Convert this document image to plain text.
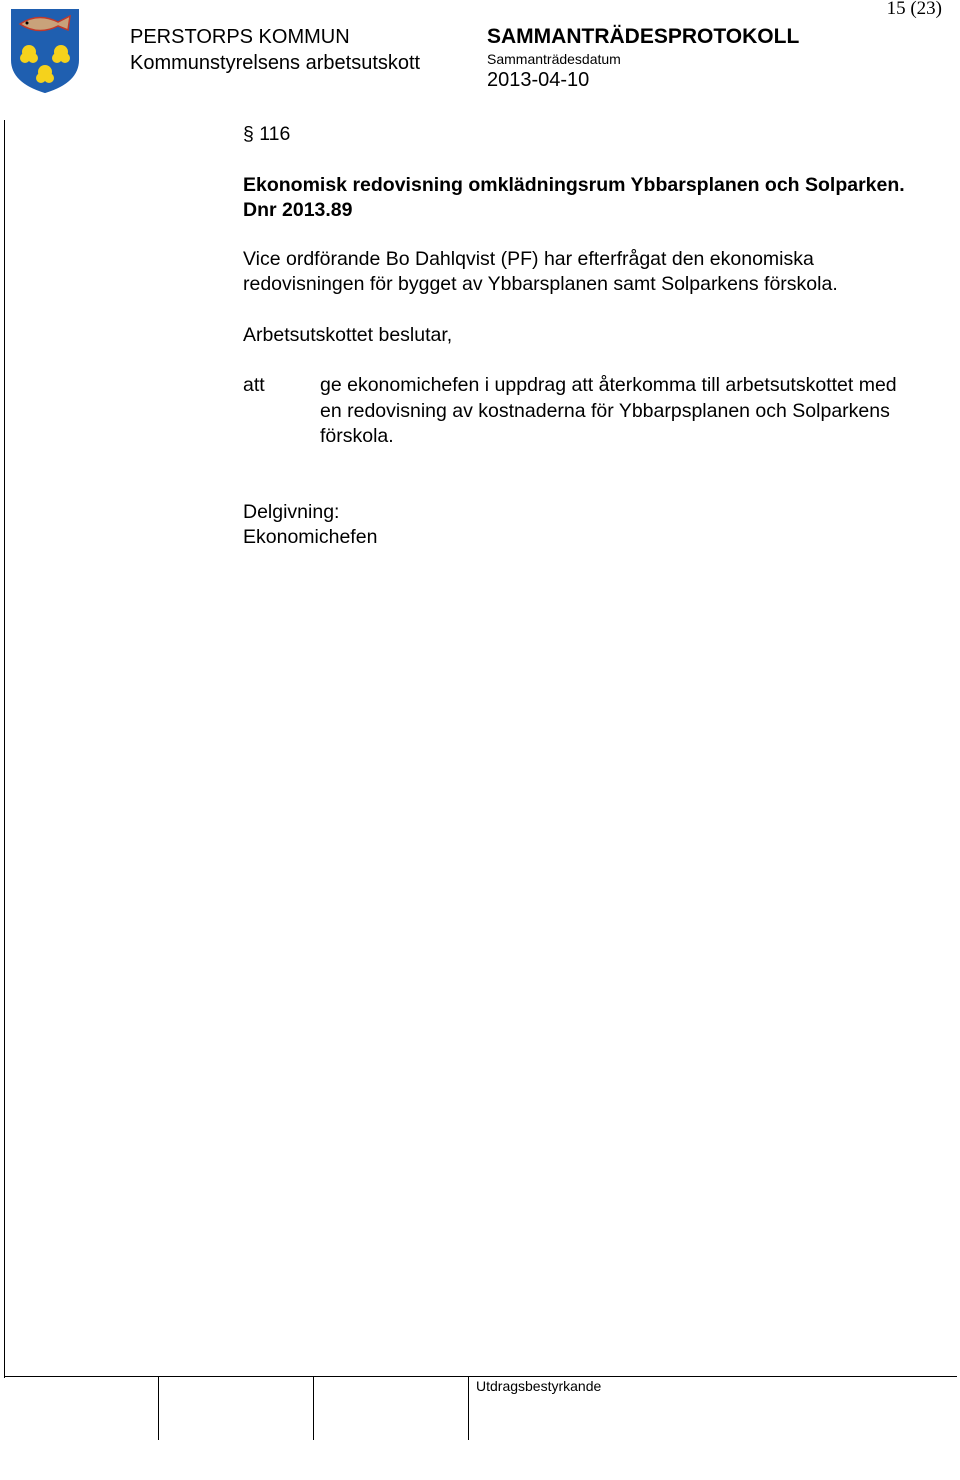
15 (23)
PERSTORPS KOMMUN
Kommunstyrelsens arbetsutskott
SAMMANTRÄDESPROTOKOLL
Sammanträdesdatum
2013-04-10
§ 116
Ekonomisk redovisning omklädningsrum Ybbarsplanen och Solparken. Dnr 2013.89
Vice ordförande Bo Dahlqvist (PF) har efterfrågat den ekonomiska redovisningen för bygget av Ybbarsplanen samt Solparkens förskola.
Arbetsutskottet beslutar,
att	ge ekonomichefen i uppdrag att återkomma till arbetsutskottet med en redovisning av kostnaderna för Ybbarpsplanen och Solparkens förskola.
Delgivning:
Ekonomichefen
Utdragsbestyrkande
